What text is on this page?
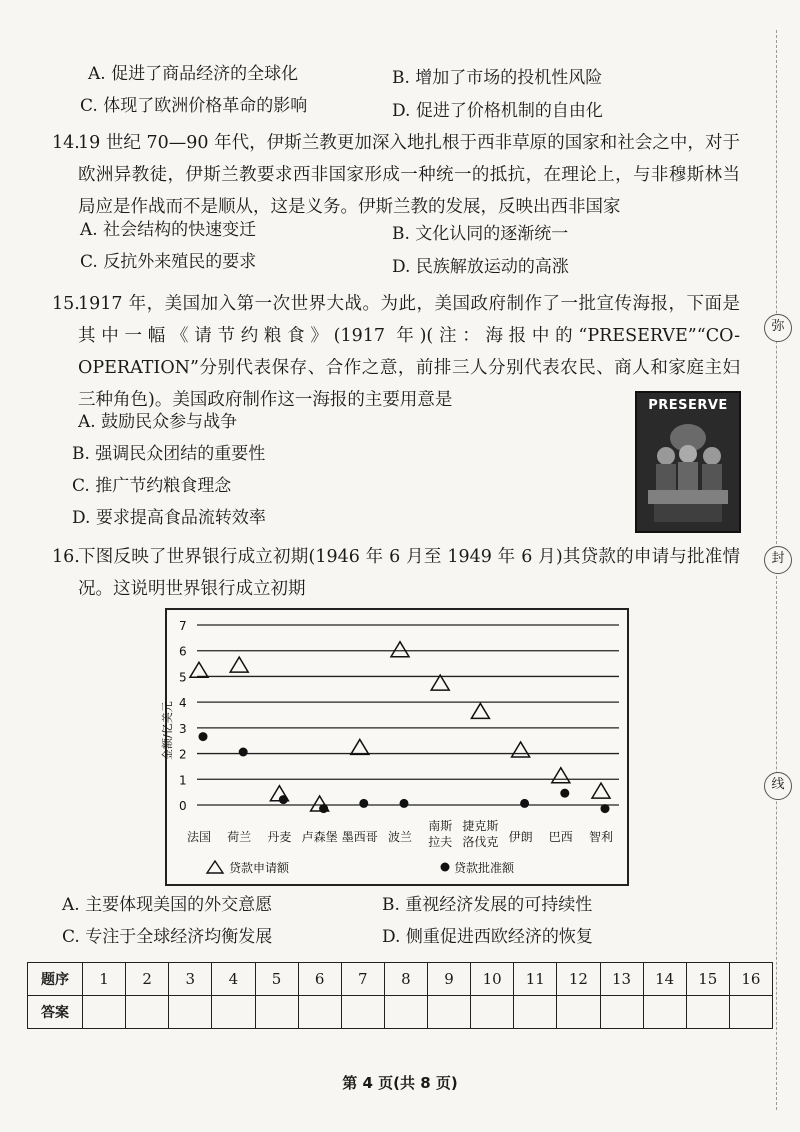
弥
封
线
A. 促进了商品经济的全球化	B. 增加了市场的投机性风险
C. 体现了欧洲价格革命的影响	D. 促进了价格机制的自由化
14.
19 世纪 70—90 年代，伊斯兰教更加深入地扎根于西非草原的国家和社会之中，对于欧洲异教徒，伊斯兰教要求西非国家形成一种统一的抵抗，在理论上，与非穆斯林当局应是作战而不是顺从，这是义务。伊斯兰教的发展，反映出西非国家
A. 社会结构的快速变迁	B. 文化认同的逐渐统一
C. 反抗外来殖民的要求	D. 民族解放运动的高涨
15.
1917 年，美国加入第一次世界大战。为此，美国政府制作了一批宣传海报，下面是其中一幅《请节约粮食》(1917 年)(注：海报中的“PRESERVE”“CO-OPERATION”分别代表保存、合作之意，前排三人分别代表农民、商人和家庭主妇三种角色)。美国政府制作这一海报的主要用意是
A. 鼓励民众参与战争
B. 强调民众团结的重要性
C. 推广节约粮食理念
D. 要求提高食品流转效率
PRESERVE
16.
下图反映了世界银行成立初期(1946 年 6 月至 1949 年 6 月)其贷款的申请与批准情况。这说明世界银行成立初期
0
1
2
3
4
5
6
7
金额/亿美元
法国 荷兰 丹麦 卢森堡 墨西哥 波兰
南斯
拉夫
捷克斯
洛伐克 伊朗 巴西 智利
贷款申请额	贷款批准额
A. 主要体现美国的外交意愿	B. 重视经济发展的可持续性
C. 专注于全球经济均衡发展	D. 侧重促进西欧经济的恢复
题序	1	2	3	4	5	6	7	8	9	10	11	12	13	14	15	16
答案																
第 4 页(共 8 页)
